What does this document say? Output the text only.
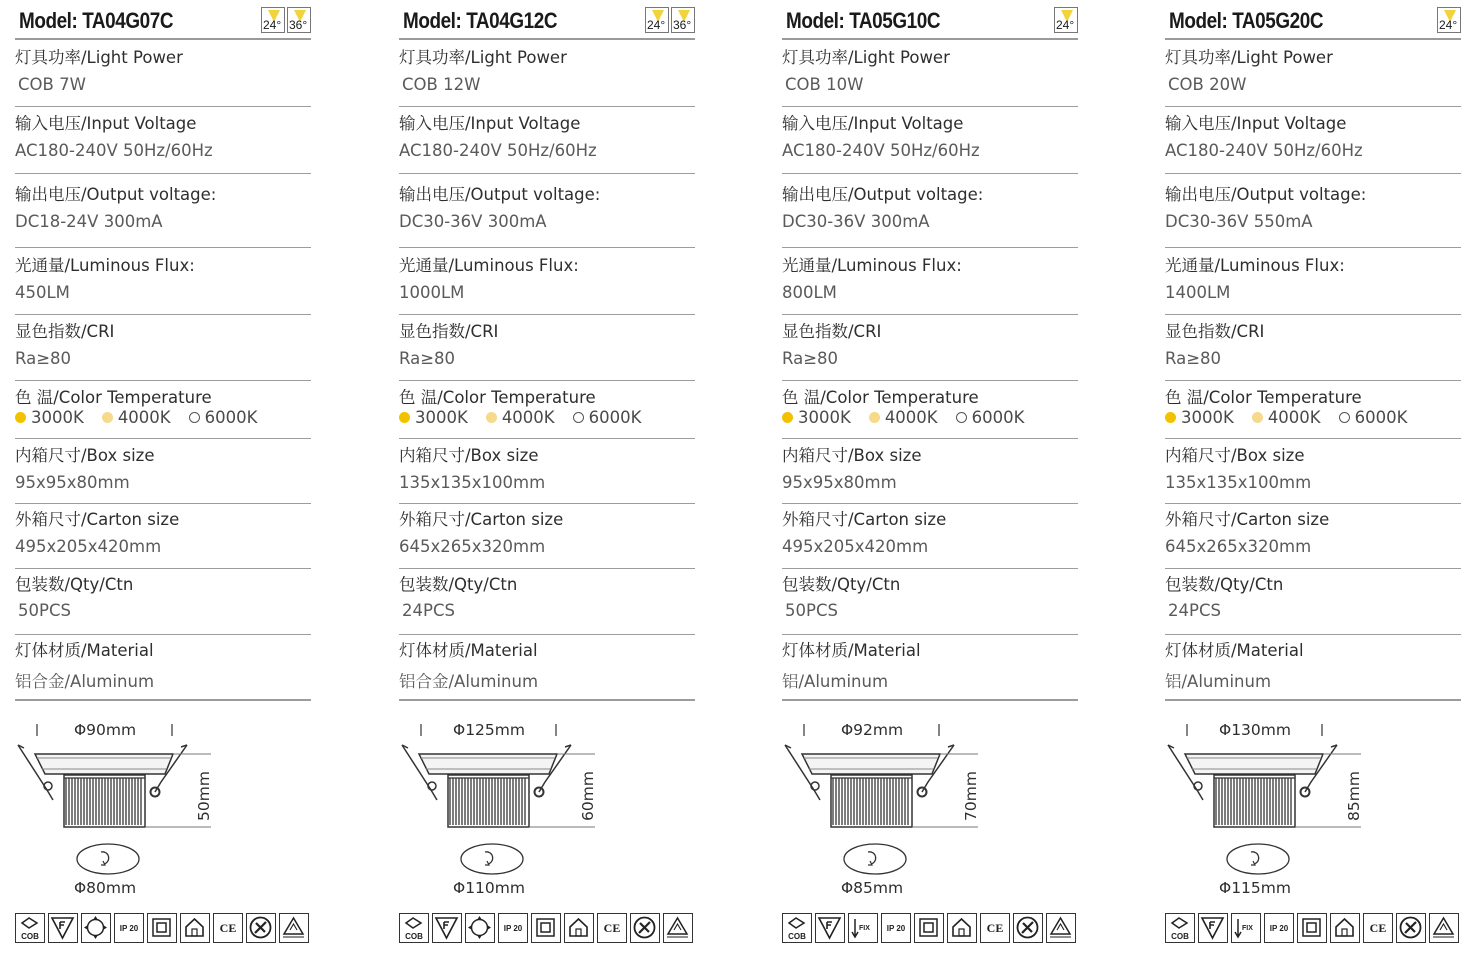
Model: TA04G07C	24° 36°
灯具功率/Light Power
COB 7W
输入电压/Input Voltage
AC180-240V 50Hz/60Hz
输出电压/Output voltage:
DC18-24V 300mA
光通量/Luminous Flux:
450LM
显色指数/CRI
Ra≥80
色 温/Color Temperature
3000K 4000K 6000K
内箱尺寸/Box size
95x95x80mm
外箱尺寸/Carton size
495x205x420mm
包装数/Qty/Ctn
50PCS
灯体材质/Material
铝合金/Aluminum
Φ90mm
Φ80mm
50mm
COB
IP 20	CE
Model: TA04G12C	24° 36°
灯具功率/Light Power
COB 12W
输入电压/Input Voltage
AC180-240V 50Hz/60Hz
输出电压/Output voltage:
DC30-36V 300mA
光通量/Luminous Flux:
1000LM
显色指数/CRI
Ra≥80
色 温/Color Temperature
3000K 4000K 6000K
内箱尺寸/Box size
135x135x100mm
外箱尺寸/Carton size
645x265x320mm
包装数/Qty/Ctn
24PCS
灯体材质/Material
铝合金/Aluminum
Φ125mm
Φ110mm
60mm
COB
IP 20	CE
Model: TA05G10C	24°
灯具功率/Light Power
COB 10W
输入电压/Input Voltage
AC180-240V 50Hz/60Hz
输出电压/Output voltage:
DC30-36V 300mA
光通量/Luminous Flux:
800LM
显色指数/CRI
Ra≥80
色 温/Color Temperature
3000K 4000K 6000K
内箱尺寸/Box size
95x95x80mm
外箱尺寸/Carton size
495x205x420mm
包装数/Qty/Ctn
50PCS
灯体材质/Material
铝/Aluminum
Φ92mm
Φ85mm
70mm
COB
FIX IP 20	CE
Model: TA05G20C	24°
灯具功率/Light Power
COB 20W
输入电压/Input Voltage
AC180-240V 50Hz/60Hz
输出电压/Output voltage:
DC30-36V 550mA
光通量/Luminous Flux:
1400LM
显色指数/CRI
Ra≥80
色 温/Color Temperature
3000K 4000K 6000K
内箱尺寸/Box size
135x135x100mm
外箱尺寸/Carton size
645x265x320mm
包装数/Qty/Ctn
24PCS
灯体材质/Material
铝/Aluminum
Φ130mm
Φ115mm
85mm
COB
FIX IP 20	CE
